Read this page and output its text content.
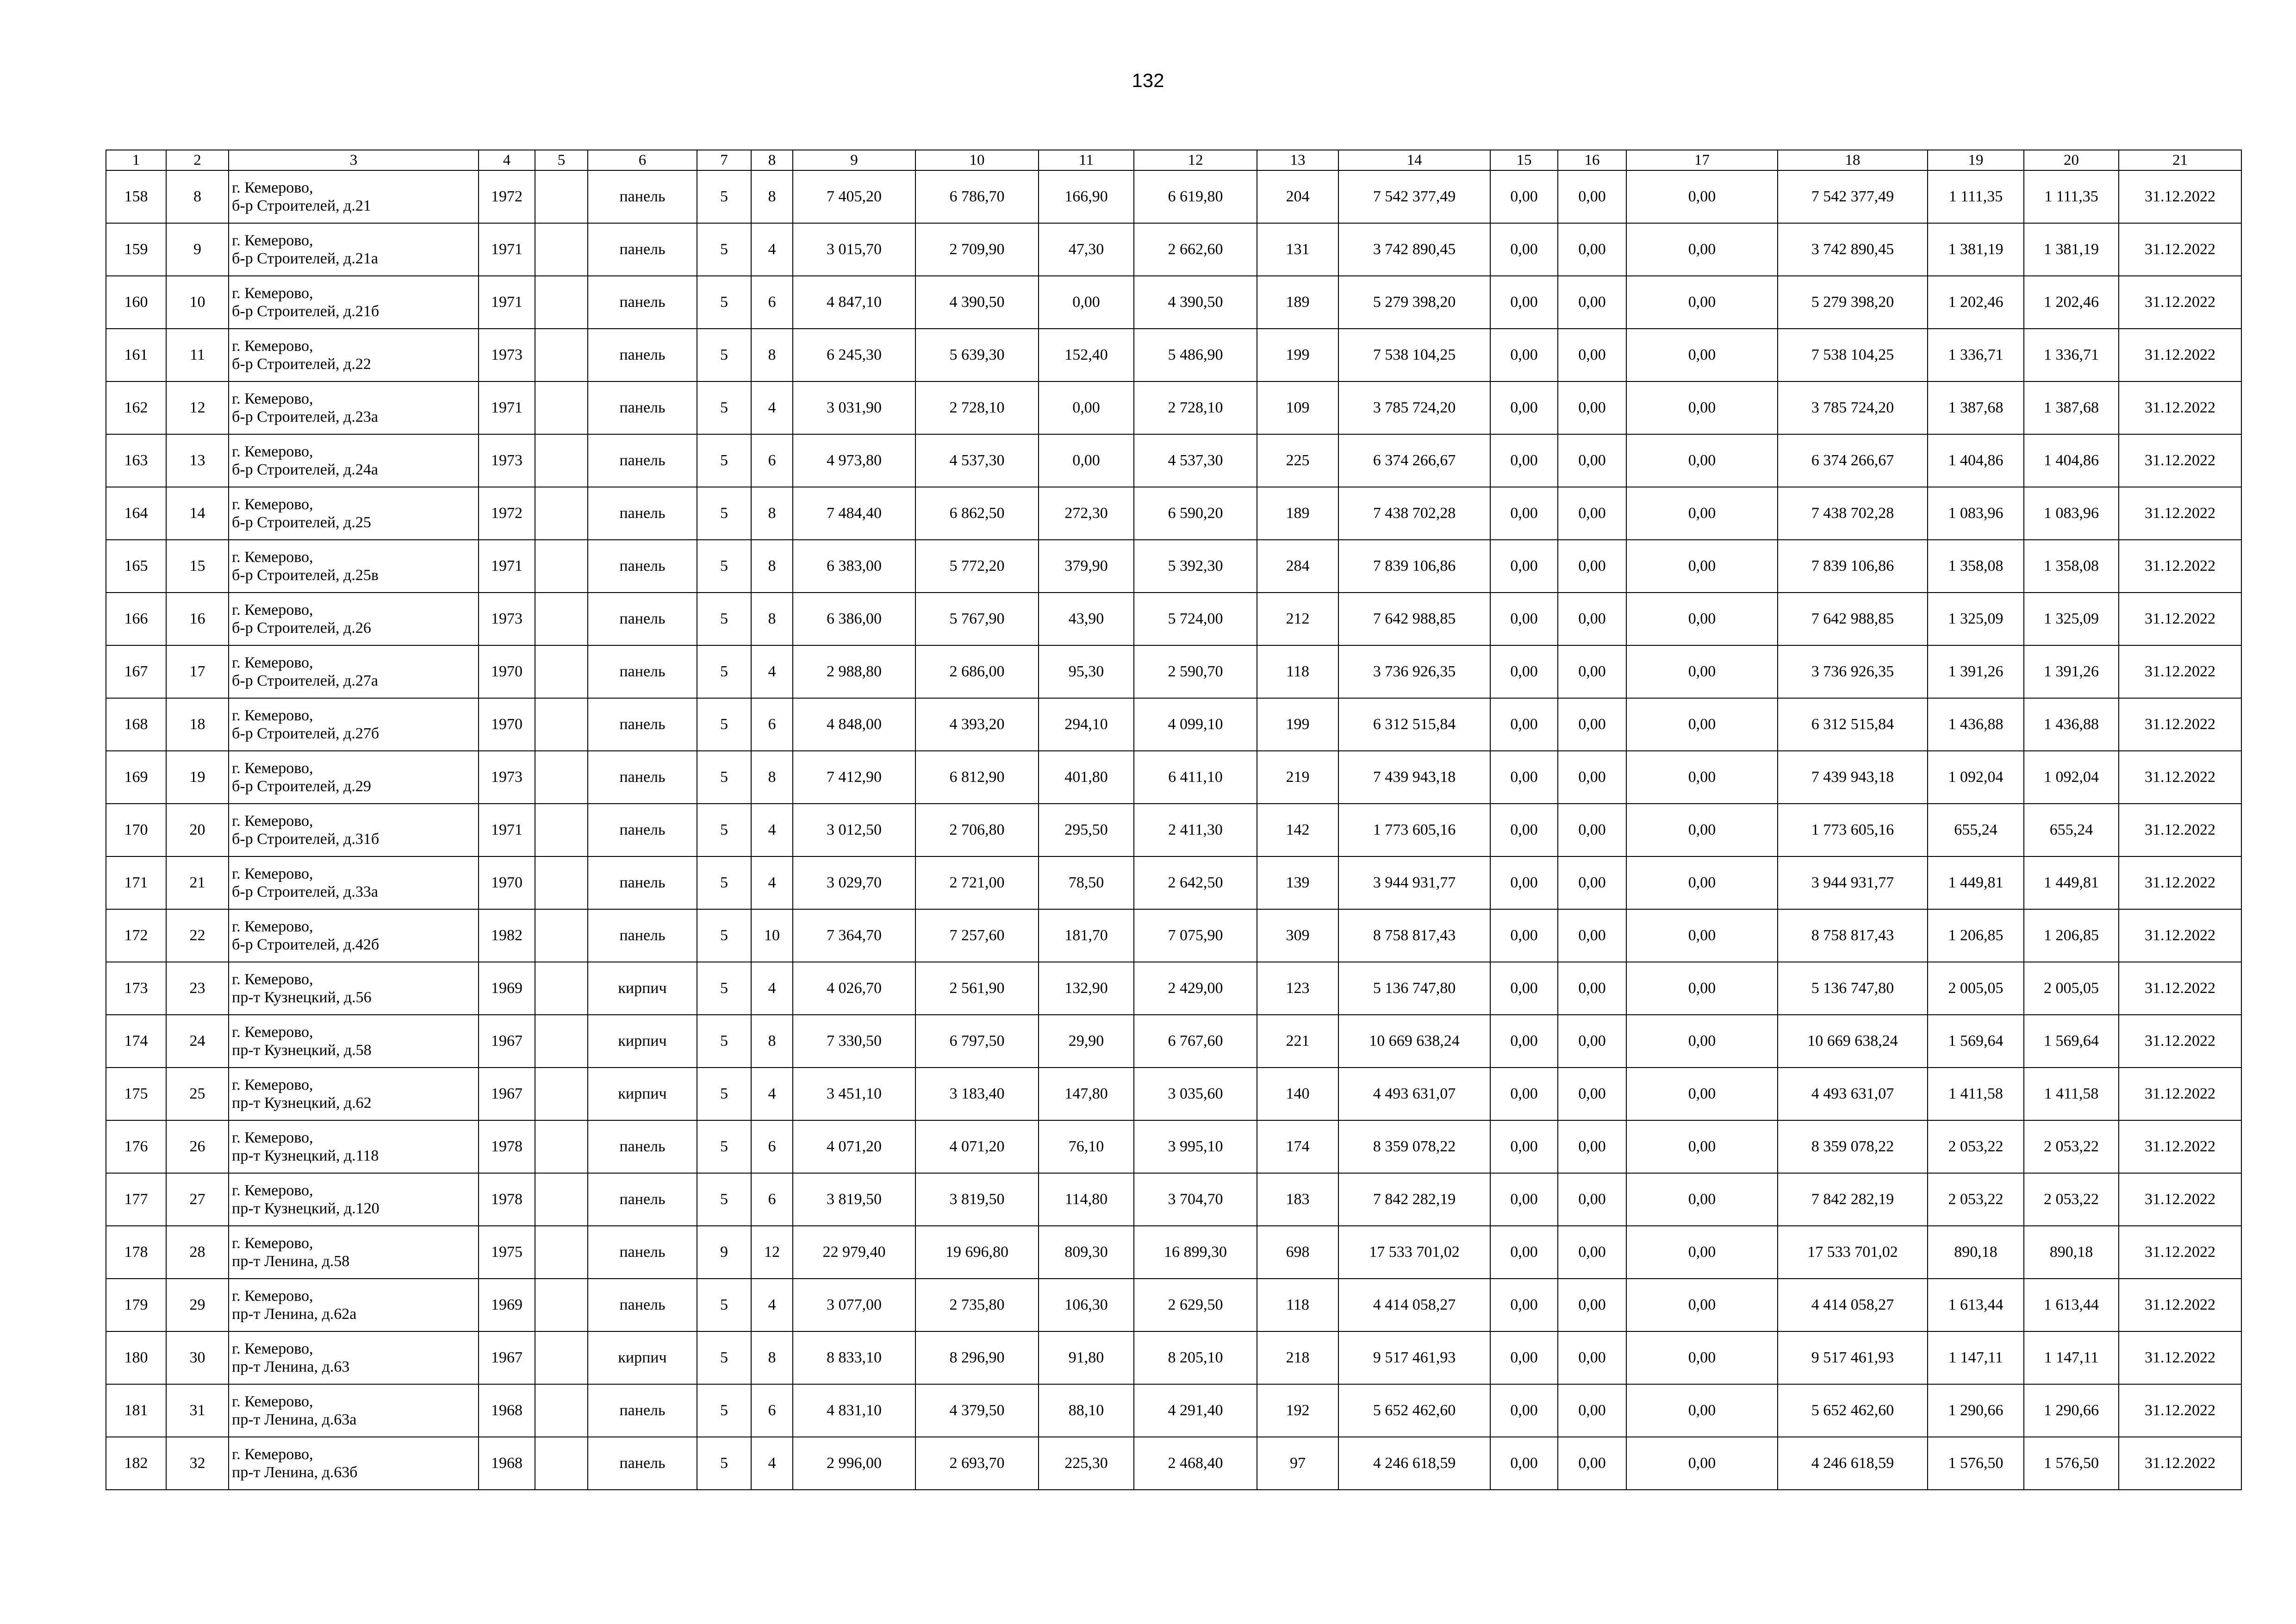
132
1	2	3	4	5	6	7	8	9	10	11	12	13	14	15	16	17	18	19	20	21
158	8	г. Кемерово,
б-р Строителей, д.21	1972		панель	5	8	7 405,20	6 786,70	166,90	6 619,80	204	7 542 377,49	0,00	0,00	0,00	7 542 377,49	1 111,35	1 111,35	31.12.2022
159	9	г. Кемерово,
б-р Строителей, д.21а	1971		панель	5	4	3 015,70	2 709,90	47,30	2 662,60	131	3 742 890,45	0,00	0,00	0,00	3 742 890,45	1 381,19	1 381,19	31.12.2022
160	10	г. Кемерово,
б-р Строителей, д.21б	1971		панель	5	6	4 847,10	4 390,50	0,00	4 390,50	189	5 279 398,20	0,00	0,00	0,00	5 279 398,20	1 202,46	1 202,46	31.12.2022
161	11	г. Кемерово,
б-р Строителей, д.22	1973		панель	5	8	6 245,30	5 639,30	152,40	5 486,90	199	7 538 104,25	0,00	0,00	0,00	7 538 104,25	1 336,71	1 336,71	31.12.2022
162	12	г. Кемерово,
б-р Строителей, д.23а	1971		панель	5	4	3 031,90	2 728,10	0,00	2 728,10	109	3 785 724,20	0,00	0,00	0,00	3 785 724,20	1 387,68	1 387,68	31.12.2022
163	13	г. Кемерово,
б-р Строителей, д.24а	1973		панель	5	6	4 973,80	4 537,30	0,00	4 537,30	225	6 374 266,67	0,00	0,00	0,00	6 374 266,67	1 404,86	1 404,86	31.12.2022
164	14	г. Кемерово,
б-р Строителей, д.25	1972		панель	5	8	7 484,40	6 862,50	272,30	6 590,20	189	7 438 702,28	0,00	0,00	0,00	7 438 702,28	1 083,96	1 083,96	31.12.2022
165	15	г. Кемерово,
б-р Строителей, д.25в	1971		панель	5	8	6 383,00	5 772,20	379,90	5 392,30	284	7 839 106,86	0,00	0,00	0,00	7 839 106,86	1 358,08	1 358,08	31.12.2022
166	16	г. Кемерово,
б-р Строителей, д.26	1973		панель	5	8	6 386,00	5 767,90	43,90	5 724,00	212	7 642 988,85	0,00	0,00	0,00	7 642 988,85	1 325,09	1 325,09	31.12.2022
167	17	г. Кемерово,
б-р Строителей, д.27а	1970		панель	5	4	2 988,80	2 686,00	95,30	2 590,70	118	3 736 926,35	0,00	0,00	0,00	3 736 926,35	1 391,26	1 391,26	31.12.2022
168	18	г. Кемерово,
б-р Строителей, д.27б	1970		панель	5	6	4 848,00	4 393,20	294,10	4 099,10	199	6 312 515,84	0,00	0,00	0,00	6 312 515,84	1 436,88	1 436,88	31.12.2022
169	19	г. Кемерово,
б-р Строителей, д.29	1973		панель	5	8	7 412,90	6 812,90	401,80	6 411,10	219	7 439 943,18	0,00	0,00	0,00	7 439 943,18	1 092,04	1 092,04	31.12.2022
170	20	г. Кемерово,
б-р Строителей, д.31б	1971		панель	5	4	3 012,50	2 706,80	295,50	2 411,30	142	1 773 605,16	0,00	0,00	0,00	1 773 605,16	655,24	655,24	31.12.2022
171	21	г. Кемерово,
б-р Строителей, д.33а	1970		панель	5	4	3 029,70	2 721,00	78,50	2 642,50	139	3 944 931,77	0,00	0,00	0,00	3 944 931,77	1 449,81	1 449,81	31.12.2022
172	22	г. Кемерово,
б-р Строителей, д.42б	1982		панель	5	10	7 364,70	7 257,60	181,70	7 075,90	309	8 758 817,43	0,00	0,00	0,00	8 758 817,43	1 206,85	1 206,85	31.12.2022
173	23	г. Кемерово,
пр-т Кузнецкий, д.56	1969		кирпич	5	4	4 026,70	2 561,90	132,90	2 429,00	123	5 136 747,80	0,00	0,00	0,00	5 136 747,80	2 005,05	2 005,05	31.12.2022
174	24	г. Кемерово,
пр-т Кузнецкий, д.58	1967		кирпич	5	8	7 330,50	6 797,50	29,90	6 767,60	221	10 669 638,24	0,00	0,00	0,00	10 669 638,24	1 569,64	1 569,64	31.12.2022
175	25	г. Кемерово,
пр-т Кузнецкий, д.62	1967		кирпич	5	4	3 451,10	3 183,40	147,80	3 035,60	140	4 493 631,07	0,00	0,00	0,00	4 493 631,07	1 411,58	1 411,58	31.12.2022
176	26	г. Кемерово,
пр-т Кузнецкий, д.118	1978		панель	5	6	4 071,20	4 071,20	76,10	3 995,10	174	8 359 078,22	0,00	0,00	0,00	8 359 078,22	2 053,22	2 053,22	31.12.2022
177	27	г. Кемерово,
пр-т Кузнецкий, д.120	1978		панель	5	6	3 819,50	3 819,50	114,80	3 704,70	183	7 842 282,19	0,00	0,00	0,00	7 842 282,19	2 053,22	2 053,22	31.12.2022
178	28	г. Кемерово,
пр-т Ленина, д.58	1975		панель	9	12	22 979,40	19 696,80	809,30	16 899,30	698	17 533 701,02	0,00	0,00	0,00	17 533 701,02	890,18	890,18	31.12.2022
179	29	г. Кемерово,
пр-т Ленина, д.62а	1969		панель	5	4	3 077,00	2 735,80	106,30	2 629,50	118	4 414 058,27	0,00	0,00	0,00	4 414 058,27	1 613,44	1 613,44	31.12.2022
180	30	г. Кемерово,
пр-т Ленина, д.63	1967		кирпич	5	8	8 833,10	8 296,90	91,80	8 205,10	218	9 517 461,93	0,00	0,00	0,00	9 517 461,93	1 147,11	1 147,11	31.12.2022
181	31	г. Кемерово,
пр-т Ленина, д.63а	1968		панель	5	6	4 831,10	4 379,50	88,10	4 291,40	192	5 652 462,60	0,00	0,00	0,00	5 652 462,60	1 290,66	1 290,66	31.12.2022
182	32	г. Кемерово,
пр-т Ленина, д.63б	1968		панель	5	4	2 996,00	2 693,70	225,30	2 468,40	97	4 246 618,59	0,00	0,00	0,00	4 246 618,59	1 576,50	1 576,50	31.12.2022
